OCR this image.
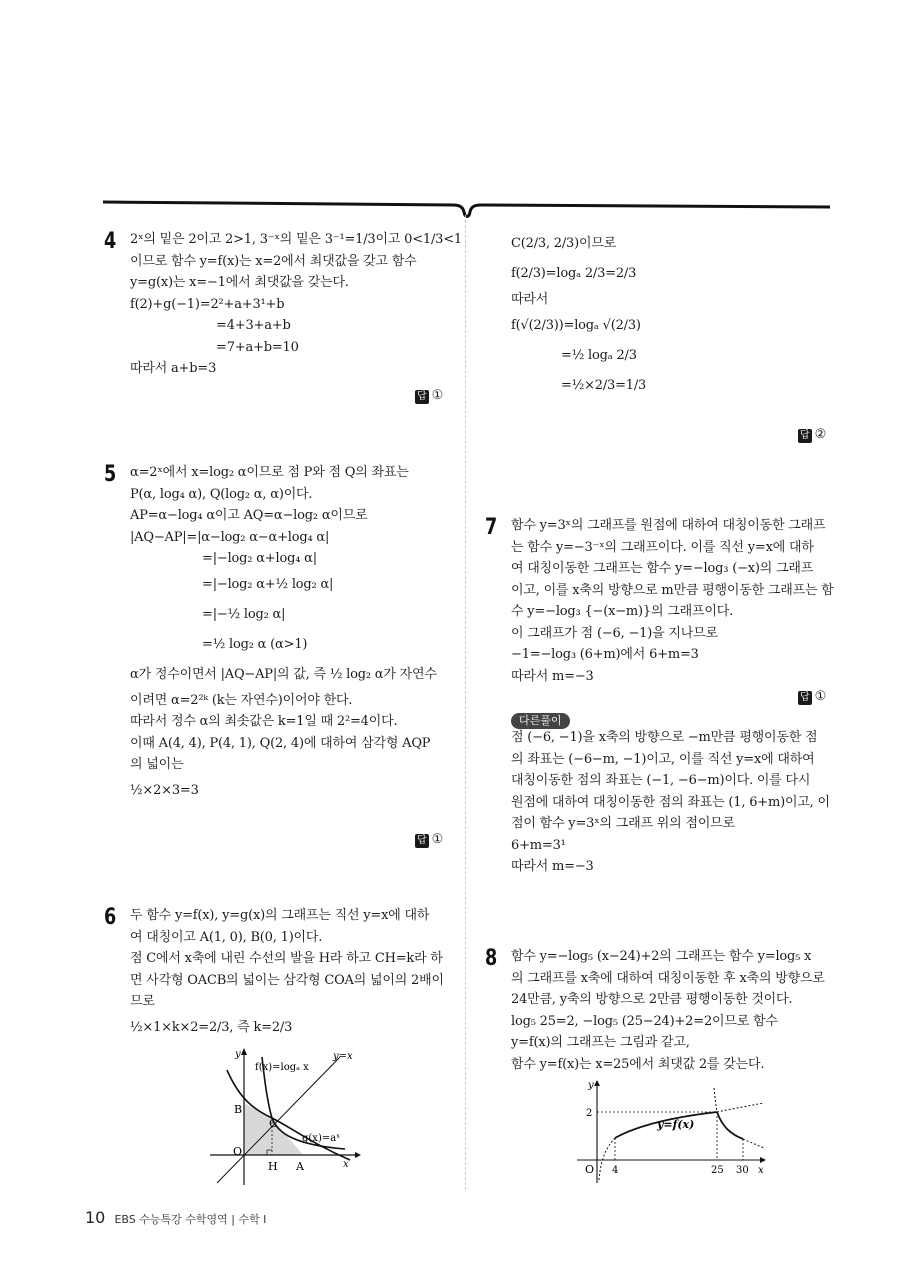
4 2ˣ의 밑은 2이고 2>1, 3⁻ˣ의 밑은 3⁻¹=1/3이고 0<1/3<1
이므로 함수 y=f(x)는 x=2에서 최댓값을 갖고 함수
y=g(x)는 x=−1에서 최댓값을 갖는다.
f(2)+g(−1)=2²+a+3¹+b
=4+3+a+b
=7+a+b=10
따라서 a+b=3
답 ①
5 α=2ˣ에서 x=log₂ α이므로 점 P와 점 Q의 좌표는
P(α, log₄ α), Q(log₂ α, α)이다.
AP=α−log₄ α이고 AQ=α−log₂ α이므로
|AQ−AP|=|α−log₂ α−α+log₄ α|
=|−log₂ α+log₄ α|
=|−log₂ α+½ log₂ α|
=|−½ log₂ α|
=½ log₂ α (α>1)
α가 정수이면서 |AQ−AP|의 값, 즉 ½ log₂ α가 자연수
이려면 α=2²ᵏ (k는 자연수)이어야 한다.
따라서 정수 α의 최솟값은 k=1일 때 2²=4이다.
이때 A(4, 4), P(4, 1), Q(2, 4)에 대하여 삼각형 AQP
의 넓이는
½×2×3=3
답 ①
6 두 함수 y=f(x), y=g(x)의 그래프는 직선 y=x에 대하
여 대칭이고 A(1, 0), B(0, 1)이다.
점 C에서 x축에 내린 수선의 발을 H라 하고 CH=k라 하
면 사각형 OACB의 넓이는 삼각형 COA의 넓이의 2배이
므로
½×1×k×2=2/3, 즉 k=2/3
y
x
f(x)=logₐ x
y=x
g(x)=aˣ
B
C
O
H A
C(2/3, 2/3)이므로
f(2/3)=logₐ 2/3=2/3
따라서
f(√(2/3))=logₐ √(2/3)
=½ logₐ 2/3
=½×2/3=1/3
답 ②
7 함수 y=3ˣ의 그래프를 원점에 대하여 대칭이동한 그래프
는 함수 y=−3⁻ˣ의 그래프이다. 이를 직선 y=x에 대하
여 대칭이동한 그래프는 함수 y=−log₃ (−x)의 그래프
이고, 이를 x축의 방향으로 m만큼 평행이동한 그래프는 함
수 y=−log₃ {−(x−m)}의 그래프이다.
이 그래프가 점 (−6, −1)을 지나므로
−1=−log₃ (6+m)에서 6+m=3
따라서 m=−3
답 ①
다른풀이
점 (−6, −1)을 x축의 방향으로 −m만큼 평행이동한 점
의 좌표는 (−6−m, −1)이고, 이를 직선 y=x에 대하여
대칭이동한 점의 좌표는 (−1, −6−m)이다. 이를 다시
원점에 대하여 대칭이동한 점의 좌표는 (1, 6+m)이고, 이
점이 함수 y=3ˣ의 그래프 위의 점이므로
6+m=3¹
따라서 m=−3
8 함수 y=−log₅ (x−24)+2의 그래프는 함수 y=log₅ x
의 그래프를 x축에 대하여 대칭이동한 후 x축의 방향으로
24만큼, y축의 방향으로 2만큼 평행이동한 것이다.
log₅ 25=2, −log₅ (25−24)+2=2이므로 함수
y=f(x)의 그래프는 그림과 같고,
함수 y=f(x)는 x=25에서 최댓값 2를 갖는다.
y
x
2
O 4	25 30
y=f(x)
10 EBS 수능특강 수학영역 | 수학 Ⅰ
